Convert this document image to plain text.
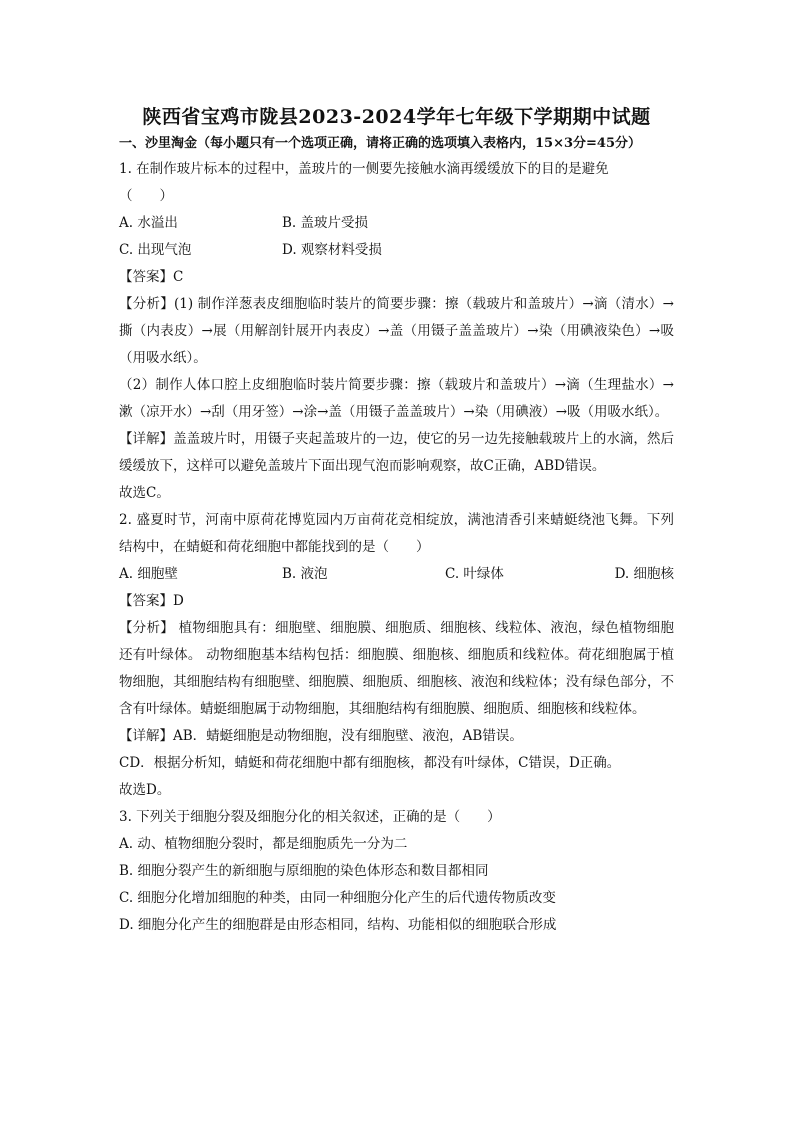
陕西省宝鸡市陇县2023-2024学年七年级下学期期中试题

一、沙里淘金（每小题只有一个选项正确，请将正确的选项填入表格内，15×3分=45分）

1. 在制作玻片标本的过程中，盖玻片的一侧要先接触水滴再缓缓放下的目的是避免

（　　）

A. 水溢出	B. 盖玻片受损
C. 出现气泡	D. 观察材料受损

【答案】C

【分析】(1) 制作洋葱表皮细胞临时装片的简要步骤：擦（载玻片和盖玻片）→滴（清水）→撕（内表皮）→展（用解剖针展开内表皮）→盖（用镊子盖盖玻片）→染（用碘液染色）→吸（用吸水纸）。

（2）制作人体口腔上皮细胞临时装片简要步骤：擦（载玻片和盖玻片）→滴（生理盐水）→漱（凉开水）→刮（用牙签）→涂→盖（用镊子盖盖玻片）→染（用碘液）→吸（用吸水纸）。

【详解】盖盖玻片时，用镊子夹起盖玻片的一边，使它的另一边先接触载玻片上的水滴，然后缓缓放下，这样可以避免盖玻片下面出现气泡而影响观察，故C正确，ABD错误。

故选C。

2. 盛夏时节，河南中原荷花博览园内万亩荷花竞相绽放，满池清香引来蜻蜓绕池飞舞。下列结构中，在蜻蜓和荷花细胞中都能找到的是（　　）

A. 细胞壁	B. 液泡	C. 叶绿体	D. 细胞核

【答案】D

【分析】 植物细胞具有：细胞壁、细胞膜、细胞质、细胞核、线粒体、液泡，绿色植物细胞还有叶绿体。 动物细胞基本结构包括：细胞膜、细胞核、细胞质和线粒体。荷花细胞属于植物细胞，其细胞结构有细胞壁、细胞膜、细胞质、细胞核、液泡和线粒体；没有绿色部分，不含有叶绿体。蜻蜓细胞属于动物细胞，其细胞结构有细胞膜、细胞质、细胞核和线粒体。

【详解】AB．蜻蜓细胞是动物细胞，没有细胞壁、液泡，AB错误。

CD．根据分析知，蜻蜓和荷花细胞中都有细胞核，都没有叶绿体，C错误，D正确。

故选D。

3. 下列关于细胞分裂及细胞分化的相关叙述，正确的是（　　）

A. 动、植物细胞分裂时，都是细胞质先一分为二

B. 细胞分裂产生的新细胞与原细胞的染色体形态和数目都相同

C. 细胞分化增加细胞的种类，由同一种细胞分化产生的后代遗传物质改变

D. 细胞分化产生的细胞群是由形态相同，结构、功能相似的细胞联合形成
